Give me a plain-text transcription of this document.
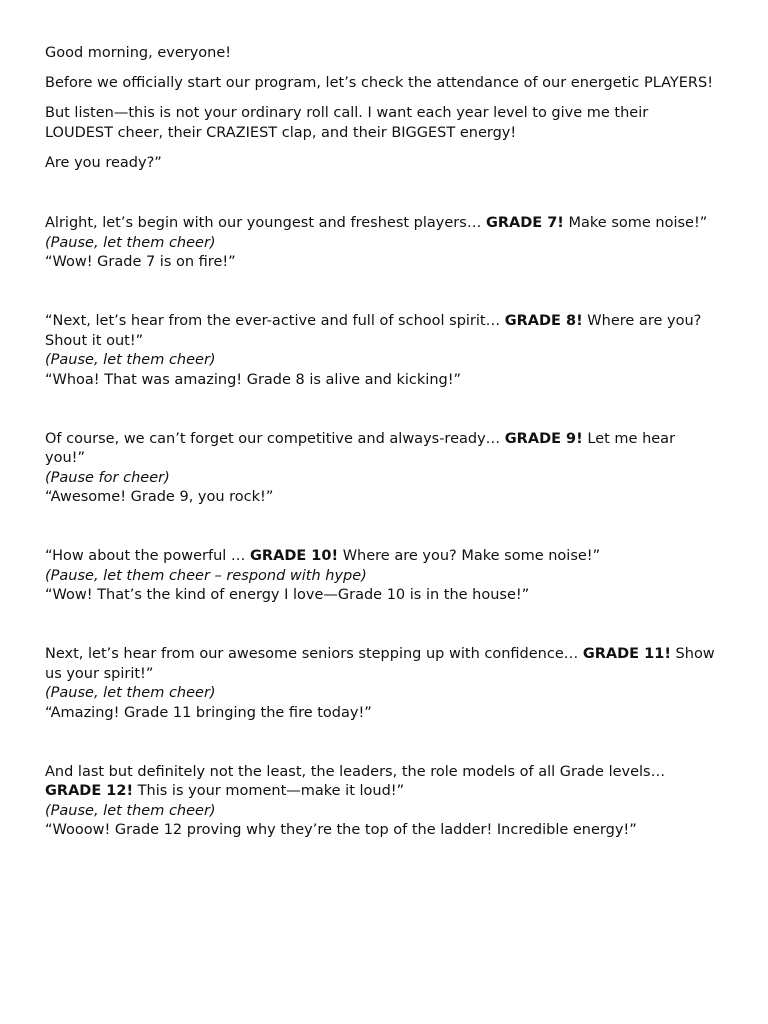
Good morning, everyone!

Before we officially start our program, let’s check the attendance of our energetic PLAYERS!

But listen—this is not your ordinary roll call. I want each year level to give me their LOUDEST cheer, their CRAZIEST clap, and their BIGGEST energy!

Are you ready?”

Alright, let’s begin with our youngest and freshest players… GRADE 7! Make some noise!”

(Pause, let them cheer)

“Wow! Grade 7 is on fire!”

“Next, let’s hear from the ever-active and full of school spirit… GRADE 8! Where are you? Shout it out!”

(Pause, let them cheer)

“Whoa! That was amazing! Grade 8 is alive and kicking!”

Of course, we can’t forget our competitive and always-ready… GRADE 9! Let me hear you!”

(Pause for cheer)

“Awesome! Grade 9, you rock!”

“How about the powerful … GRADE 10! Where are you? Make some noise!”

(Pause, let them cheer – respond with hype)

“Wow! That’s the kind of energy I love—Grade 10 is in the house!”

Next, let’s hear from our awesome seniors stepping up with confidence… GRADE 11! Show us your spirit!”

(Pause, let them cheer)

“Amazing! Grade 11 bringing the fire today!”

And last but definitely not the least, the leaders, the role models of all Grade levels…
GRADE 12! This is your moment—make it loud!”

(Pause, let them cheer)

“Wooow! Grade 12 proving why they’re the top of the ladder! Incredible energy!”
